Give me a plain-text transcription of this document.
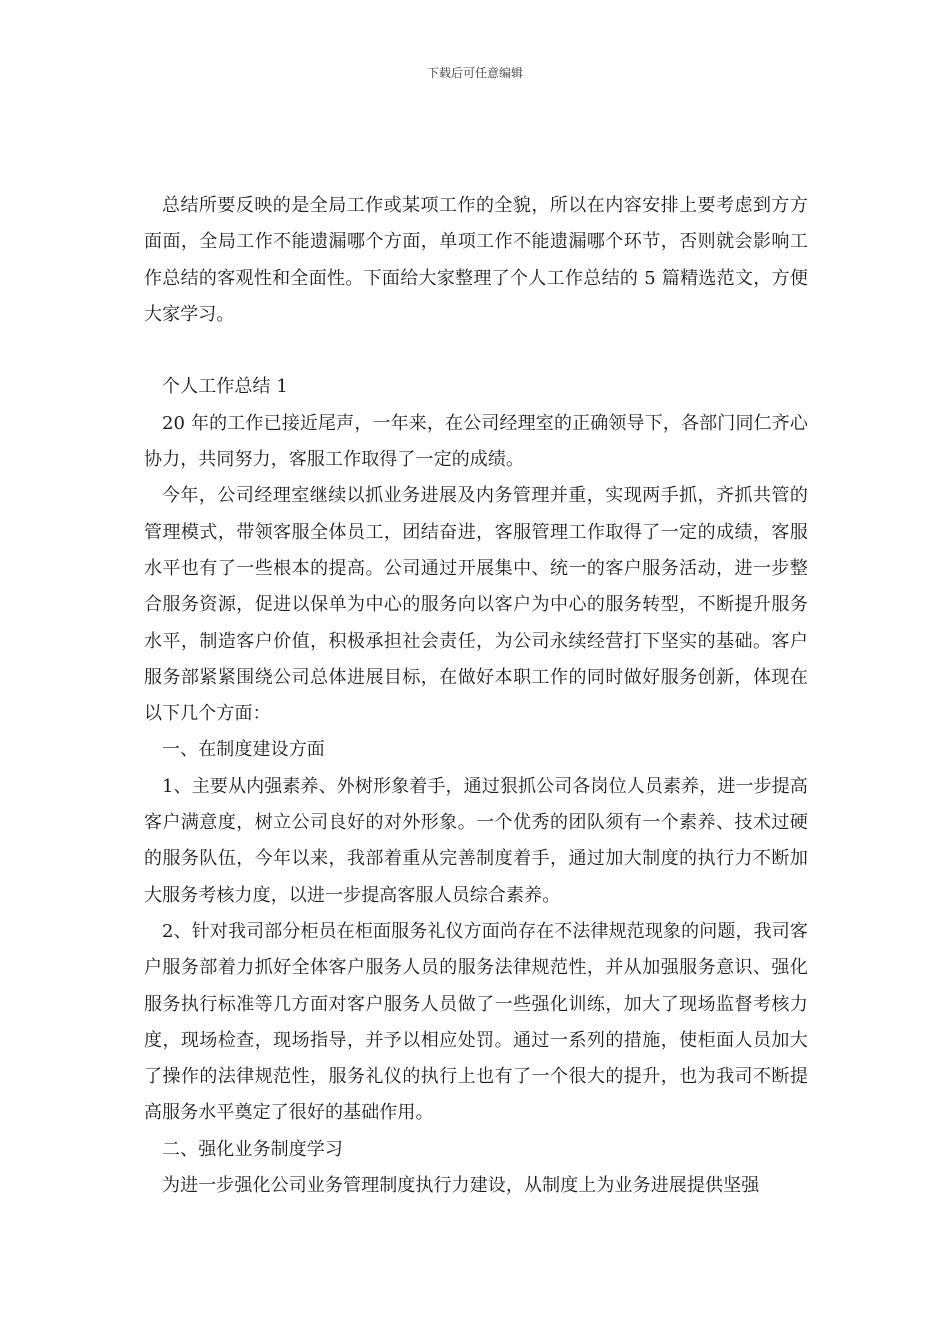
下载后可任意编辑

总结所要反映的是全局工作或某项工作的全貌，所以在内容安排上要考虑到方方面面，全局工作不能遗漏哪个方面，单项工作不能遗漏哪个环节，否则就会影响工作总结的客观性和全面性。下面给大家整理了个人工作总结的 5 篇精选范文，方便大家学习。

个人工作总结 1

20 年的工作已接近尾声，一年来，在公司经理室的正确领导下，各部门同仁齐心协力，共同努力，客服工作取得了一定的成绩。

今年，公司经理室继续以抓业务进展及内务管理并重，实现两手抓，齐抓共管的管理模式，带领客服全体员工，团结奋进，客服管理工作取得了一定的成绩，客服水平也有了一些根本的提高。公司通过开展集中、统一的客户服务活动，进一步整合服务资源，促进以保单为中心的服务向以客户为中心的服务转型，不断提升服务水平，制造客户价值，积极承担社会责任，为公司永续经营打下坚实的基础。客户服务部紧紧围绕公司总体进展目标，在做好本职工作的同时做好服务创新，体现在以下几个方面：

一、在制度建设方面

1、主要从内强素养、外树形象着手，通过狠抓公司各岗位人员素养，进一步提高客户满意度，树立公司良好的对外形象。一个优秀的团队须有一个素养、技术过硬的服务队伍，今年以来，我部着重从完善制度着手，通过加大制度的执行力不断加大服务考核力度，以进一步提高客服人员综合素养。

2、针对我司部分柜员在柜面服务礼仪方面尚存在不法律规范现象的问题，我司客户服务部着力抓好全体客户服务人员的服务法律规范性，并从加强服务意识、强化服务执行标准等几方面对客户服务人员做了一些强化训练，加大了现场监督考核力度，现场检查，现场指导，并予以相应处罚。通过一系列的措施，使柜面人员加大了操作的法律规范性，服务礼仪的执行上也有了一个很大的提升，也为我司不断提高服务水平奠定了很好的基础作用。

二、强化业务制度学习

为进一步强化公司业务管理制度执行力建设，从制度上为业务进展提供坚强
